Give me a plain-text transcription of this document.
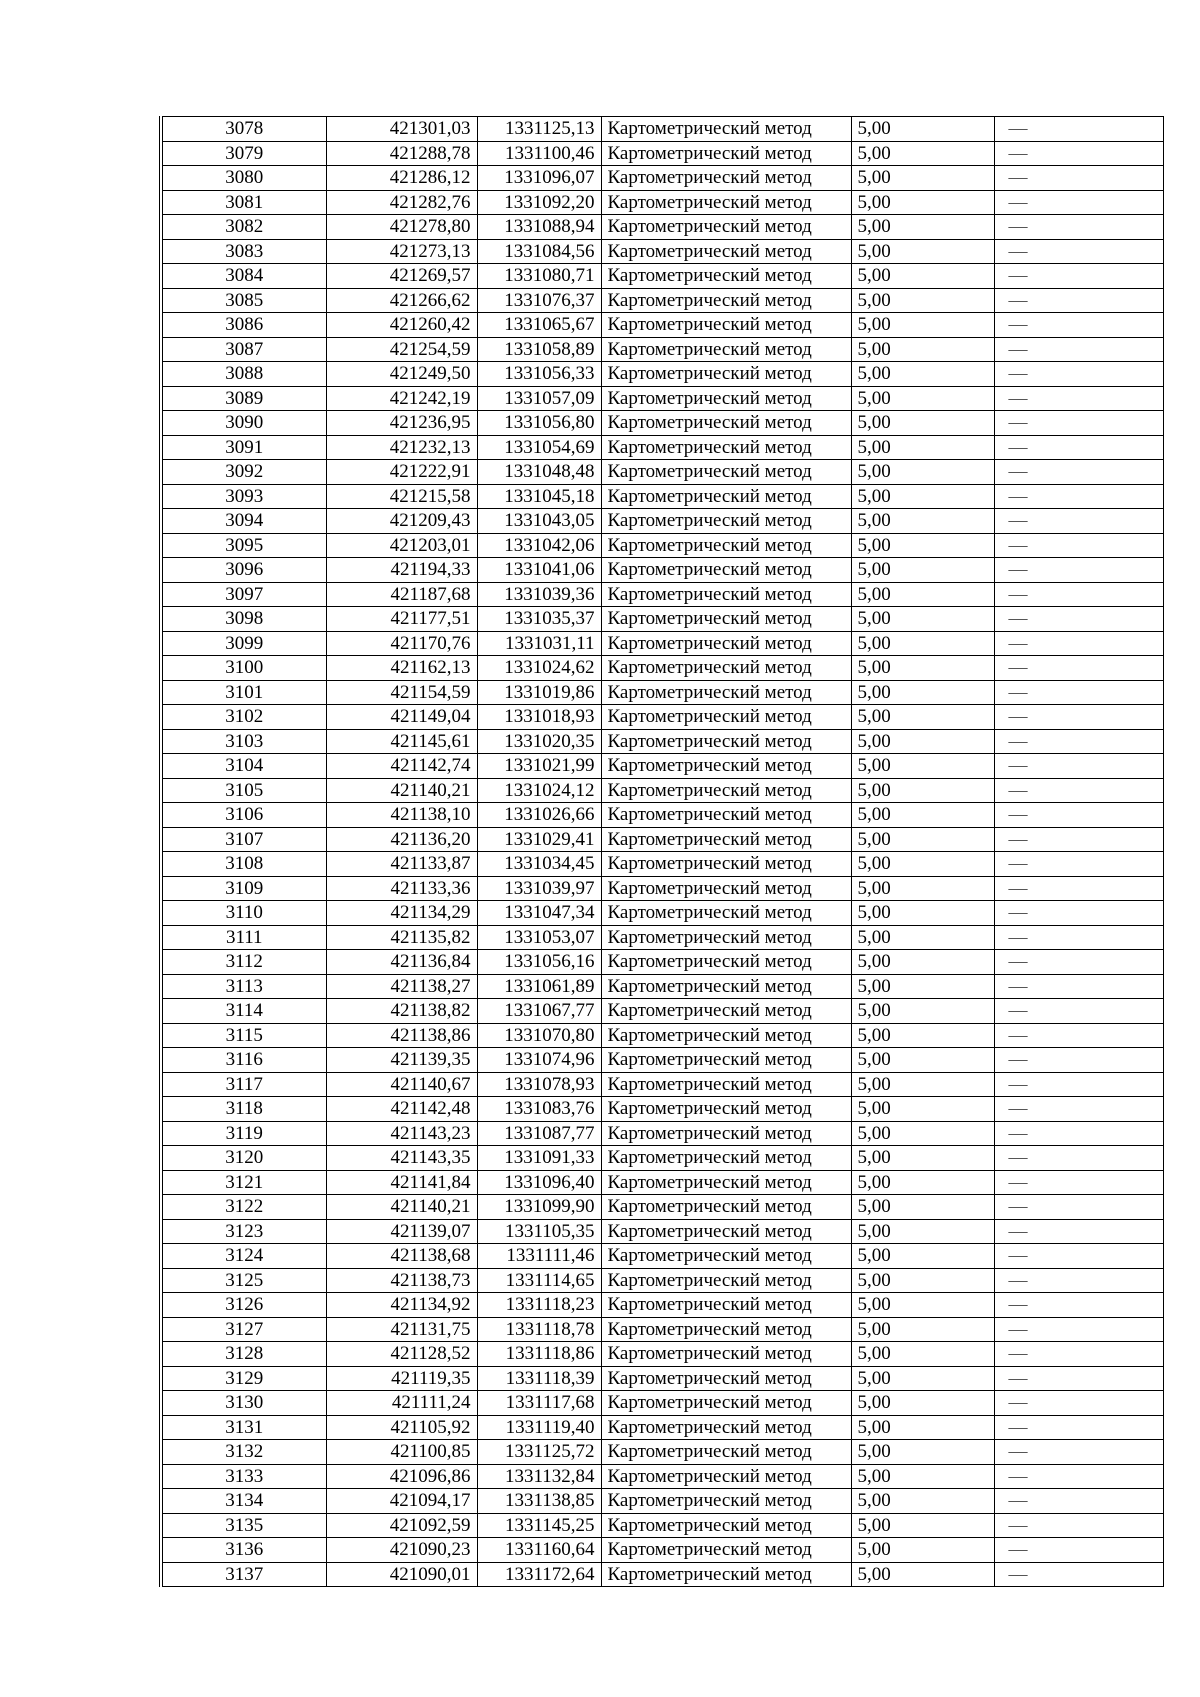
3078	421301,03	1331125,13	Картометрический метод	5,00	—
3079	421288,78	1331100,46	Картометрический метод	5,00	—
3080	421286,12	1331096,07	Картометрический метод	5,00	—
3081	421282,76	1331092,20	Картометрический метод	5,00	—
3082	421278,80	1331088,94	Картометрический метод	5,00	—
3083	421273,13	1331084,56	Картометрический метод	5,00	—
3084	421269,57	1331080,71	Картометрический метод	5,00	—
3085	421266,62	1331076,37	Картометрический метод	5,00	—
3086	421260,42	1331065,67	Картометрический метод	5,00	—
3087	421254,59	1331058,89	Картометрический метод	5,00	—
3088	421249,50	1331056,33	Картометрический метод	5,00	—
3089	421242,19	1331057,09	Картометрический метод	5,00	—
3090	421236,95	1331056,80	Картометрический метод	5,00	—
3091	421232,13	1331054,69	Картометрический метод	5,00	—
3092	421222,91	1331048,48	Картометрический метод	5,00	—
3093	421215,58	1331045,18	Картометрический метод	5,00	—
3094	421209,43	1331043,05	Картометрический метод	5,00	—
3095	421203,01	1331042,06	Картометрический метод	5,00	—
3096	421194,33	1331041,06	Картометрический метод	5,00	—
3097	421187,68	1331039,36	Картометрический метод	5,00	—
3098	421177,51	1331035,37	Картометрический метод	5,00	—
3099	421170,76	1331031,11	Картометрический метод	5,00	—
3100	421162,13	1331024,62	Картометрический метод	5,00	—
3101	421154,59	1331019,86	Картометрический метод	5,00	—
3102	421149,04	1331018,93	Картометрический метод	5,00	—
3103	421145,61	1331020,35	Картометрический метод	5,00	—
3104	421142,74	1331021,99	Картометрический метод	5,00	—
3105	421140,21	1331024,12	Картометрический метод	5,00	—
3106	421138,10	1331026,66	Картометрический метод	5,00	—
3107	421136,20	1331029,41	Картометрический метод	5,00	—
3108	421133,87	1331034,45	Картометрический метод	5,00	—
3109	421133,36	1331039,97	Картометрический метод	5,00	—
3110	421134,29	1331047,34	Картометрический метод	5,00	—
3111	421135,82	1331053,07	Картометрический метод	5,00	—
3112	421136,84	1331056,16	Картометрический метод	5,00	—
3113	421138,27	1331061,89	Картометрический метод	5,00	—
3114	421138,82	1331067,77	Картометрический метод	5,00	—
3115	421138,86	1331070,80	Картометрический метод	5,00	—
3116	421139,35	1331074,96	Картометрический метод	5,00	—
3117	421140,67	1331078,93	Картометрический метод	5,00	—
3118	421142,48	1331083,76	Картометрический метод	5,00	—
3119	421143,23	1331087,77	Картометрический метод	5,00	—
3120	421143,35	1331091,33	Картометрический метод	5,00	—
3121	421141,84	1331096,40	Картометрический метод	5,00	—
3122	421140,21	1331099,90	Картометрический метод	5,00	—
3123	421139,07	1331105,35	Картометрический метод	5,00	—
3124	421138,68	1331111,46	Картометрический метод	5,00	—
3125	421138,73	1331114,65	Картометрический метод	5,00	—
3126	421134,92	1331118,23	Картометрический метод	5,00	—
3127	421131,75	1331118,78	Картометрический метод	5,00	—
3128	421128,52	1331118,86	Картометрический метод	5,00	—
3129	421119,35	1331118,39	Картометрический метод	5,00	—
3130	421111,24	1331117,68	Картометрический метод	5,00	—
3131	421105,92	1331119,40	Картометрический метод	5,00	—
3132	421100,85	1331125,72	Картометрический метод	5,00	—
3133	421096,86	1331132,84	Картометрический метод	5,00	—
3134	421094,17	1331138,85	Картометрический метод	5,00	—
3135	421092,59	1331145,25	Картометрический метод	5,00	—
3136	421090,23	1331160,64	Картометрический метод	5,00	—
3137	421090,01	1331172,64	Картометрический метод	5,00	—
